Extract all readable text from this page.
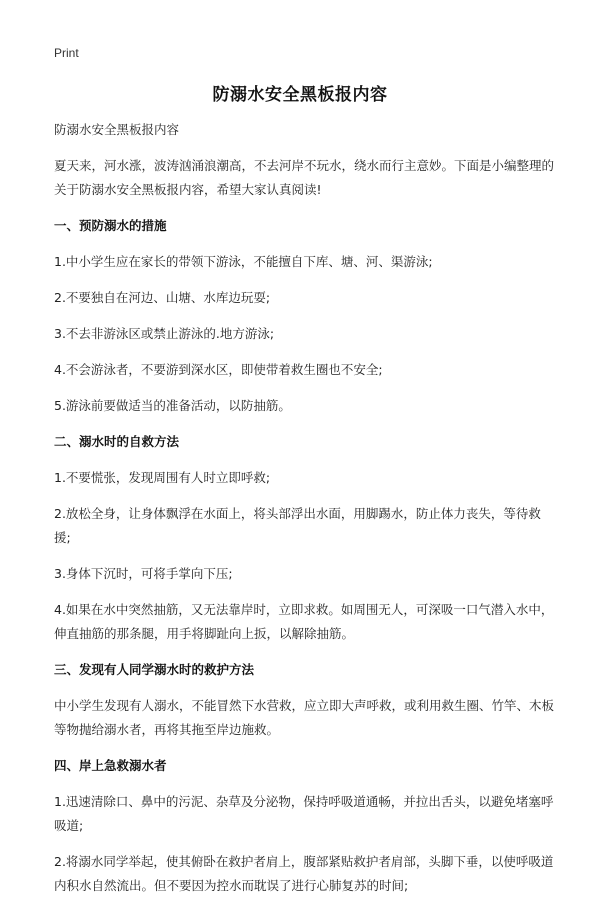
Print
防溺水安全黑板报内容

防溺水安全黑板报内容

夏天来，河水涨，波涛汹涌浪潮高，不去河岸不玩水，绕水而行主意妙。下面是小编整理的关于防溺水安全黑板报内容，希望大家认真阅读!

一、预防溺水的措施

1.中小学生应在家长的带领下游泳，不能擅自下库、塘、河、渠游泳;

2.不要独自在河边、山塘、水库边玩耍;

3.不去非游泳区或禁止游泳的.地方游泳;

4.不会游泳者，不要游到深水区，即使带着救生圈也不安全;

5.游泳前要做适当的准备活动，以防抽筋。

二、溺水时的自救方法

1.不要慌张，发现周围有人时立即呼救;

2.放松全身，让身体飘浮在水面上，将头部浮出水面，用脚踢水，防止体力丧失，等待救援;

3.身体下沉时，可将手掌向下压;

4.如果在水中突然抽筋，又无法靠岸时，立即求救。如周围无人，可深吸一口气潜入水中，伸直抽筋的那条腿，用手将脚趾向上扳，以解除抽筋。

三、发现有人同学溺水时的救护方法

中小学生发现有人溺水，不能冒然下水营救，应立即大声呼救，或利用救生圈、竹竿、木板等物抛给溺水者，再将其拖至岸边施救。

四、岸上急救溺水者

1.迅速清除口、鼻中的污泥、杂草及分泌物，保持呼吸道通畅，并拉出舌头，以避免堵塞呼吸道;

2.将溺水同学举起，使其俯卧在救护者肩上，腹部紧贴救护者肩部，头脚下垂，以使呼吸道内积水自然流出。但不要因为控水而耽误了进行心肺复苏的时间;
